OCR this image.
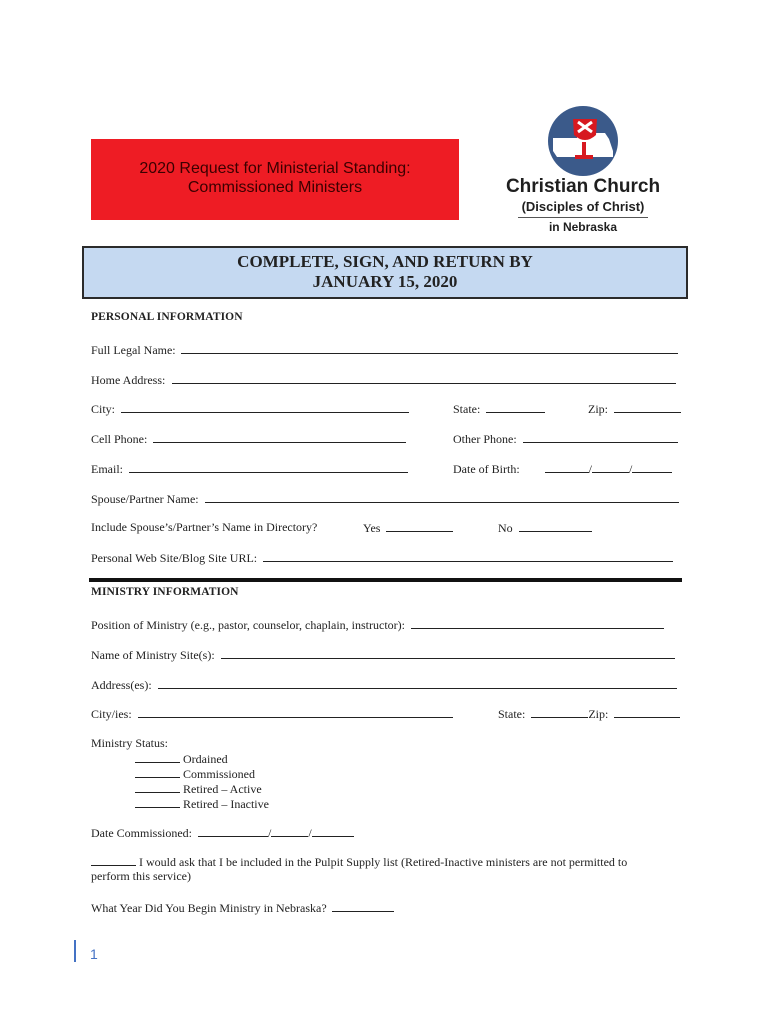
2020 Request for Ministerial Standing:
Commissioned Ministers	Christian Church
(Disciples of Christ)
in Nebraska
COMPLETE, SIGN, AND RETURN BY
JANUARY 15, 2020
PERSONAL INFORMATION
Full Legal Name:
Home Address:
City:	State:	Zip:
Cell Phone:	Other Phone:
Email:	Date of Birth:	/	/
Spouse/Partner Name:
Include Spouse’s/Partner’s Name in Directory?	Yes	No
Personal Web Site/Blog Site URL:
MINISTRY INFORMATION
Position of Ministry (e.g., pastor, counselor, chaplain, instructor):
Name of Ministry Site(s):
Address(es):
City/ies:	State:	Zip:
Ministry Status:
Ordained
Commissioned
Retired – Active
Retired – Inactive
Date Commissioned:	/	/
I would ask that I be included in the Pulpit Supply list (Retired-Inactive ministers are not permitted to
perform this service)
What Year Did You Begin Ministry in Nebraska?
1
